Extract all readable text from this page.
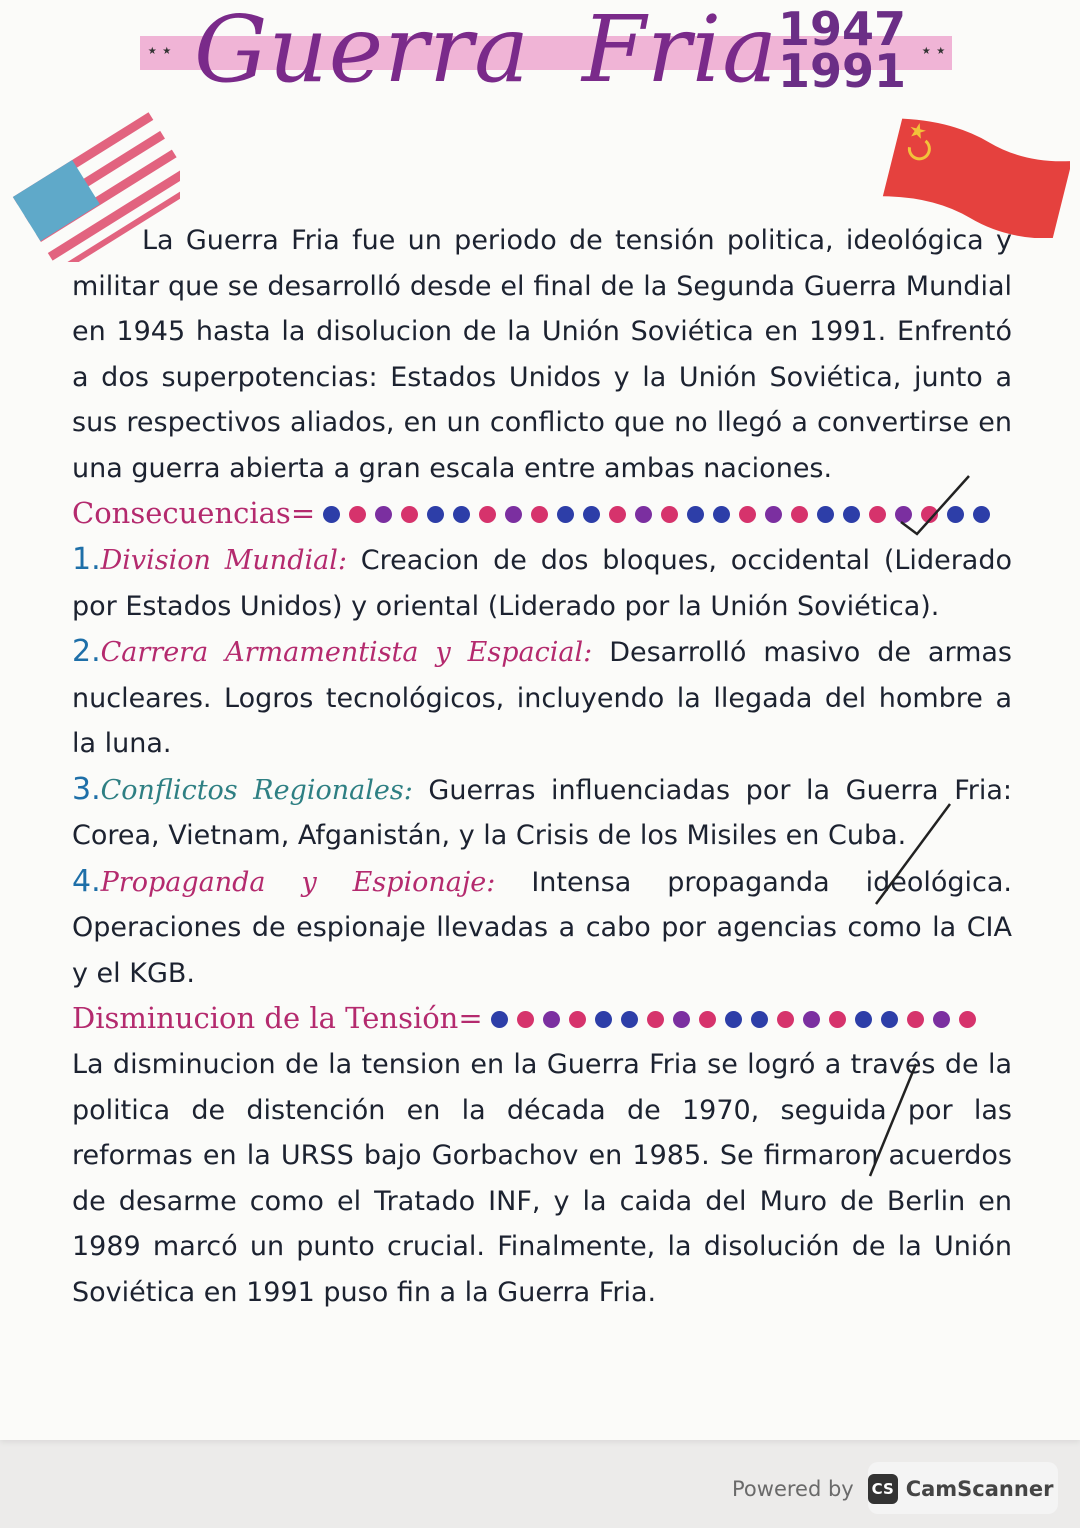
⋆⋆	⋆⋆
Guerra Fria 1947
1991

La Guerra Fria fue un periodo de tensión politica, ideológica y militar que se desarrolló desde el final de la Segunda Guerra Mundial en 1945 hasta la disolucion de la Unión Soviética en 1991. Enfrentó a dos superpotencias: Estados Unidos y la Unión Soviética, junto a sus respectivos aliados, en un conflicto que no llegó a convertirse en una guerra abierta a gran escala entre ambas naciones.

Consecuencias=

1.Division Mundial: Creacion de dos bloques, occidental (Liderado por Estados Unidos) y oriental (Liderado por la Unión Soviética).

2.Carrera Armamentista y Espacial: Desarrolló masivo de armas nucleares. Logros tecnológicos, incluyendo la llegada del hombre a la luna.

3.Conflictos Regionales: Guerras influenciadas por la Guerra Fria: Corea, Vietnam, Afganistán, y la Crisis de los Misiles en Cuba.

4.Propaganda y Espionaje: Intensa propaganda ideológica. Operaciones de espionaje llevadas a cabo por agencias como la CIA y el KGB.

Disminucion de la Tensión=

La disminucion de la tension en la Guerra Fria se logró a través de la politica de distención en la década de 1970, seguida por las reformas en la URSS bajo Gorbachov en 1985. Se firmaron acuerdos de desarme como el Tratado INF, y la caida del Muro de Berlin en 1989 marcó un punto crucial. Finalmente, la disolución de la Unión Soviética en 1991 puso fin a la Guerra Fria.

Powered by CS CamScanner
